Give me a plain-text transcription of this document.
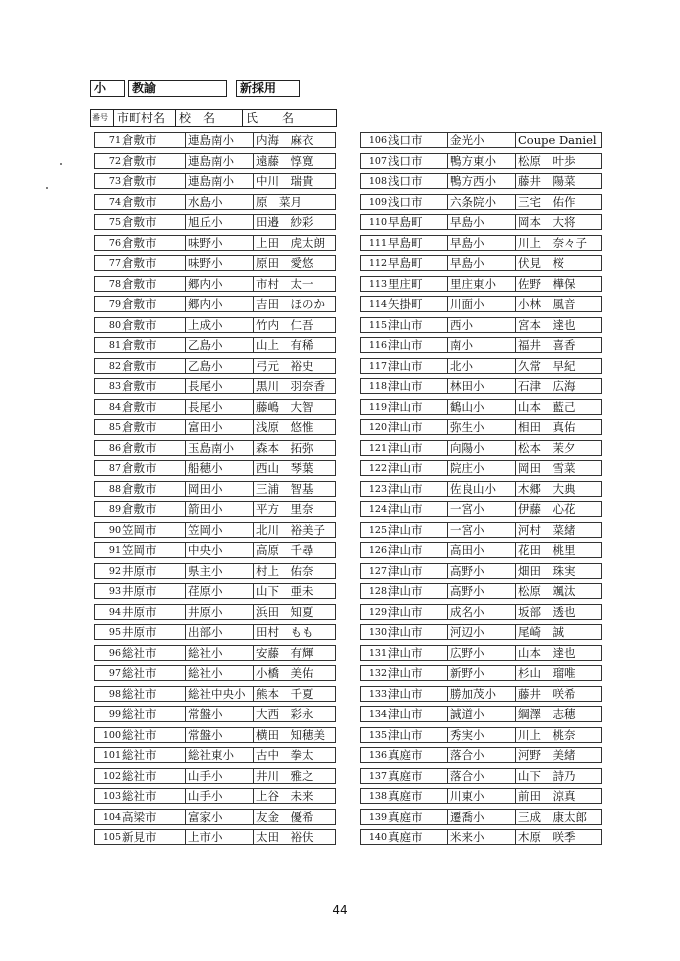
小	教諭	新採用
番号 市町村名	校　名	氏　　名
71 倉敷市	連島南小	内海　麻衣
72 倉敷市	連島南小	遠藤　惇寛
73 倉敷市	連島南小	中川　瑞貴
74 倉敷市	水島小	原　菜月
75 倉敷市	旭丘小	田邉　紗彩
76 倉敷市	味野小	上田　虎太朗
77 倉敷市	味野小	原田　愛悠
78 倉敷市	郷内小	市村　太一
79 倉敷市	郷内小	吉田　ほのか
80 倉敷市	上成小	竹内　仁吾
81 倉敷市	乙島小	山上　有稀
82 倉敷市	乙島小	弓元　裕史
83 倉敷市	長尾小	黒川　羽奈香
84 倉敷市	長尾小	藤嶋　大智
85 倉敷市	富田小	浅原　悠惟
86 倉敷市	玉島南小	森本　拓弥
87 倉敷市	船穂小	西山　琴葉
88 倉敷市	岡田小	三浦　智基
89 倉敷市	箭田小	平方　里奈
90 笠岡市	笠岡小	北川　裕美子
91 笠岡市	中央小	高原　千尋
92 井原市	県主小	村上　佑奈
93 井原市	荏原小	山下　亜未
94 井原市	井原小	浜田　知夏
95 井原市	出部小	田村　もも
96 総社市	総社小	安藤　有輝
97 総社市	総社小	小橋　美佑
98 総社市	総社中央小 熊本　千夏
99 総社市	常盤小	大西　彩永
100 総社市	常盤小	横田　知穂美
101 総社市	総社東小	古中　拳太
102 総社市	山手小	井川　雅之
103 総社市	山手小	上谷　未来
104 高梁市	富家小	友金　優希
105 新見市	上市小	太田　裕伕
106 浅口市	金光小	Coupe Daniel
107 浅口市	鴨方東小	松原　叶歩
108 浅口市	鴨方西小	藤井　陽菜
109 浅口市	六条院小	三宅　佑作
110 早島町	早島小	岡本　大将
111 早島町	早島小	川上　奈々子
112 早島町	早島小	伏見　桜
113 里庄町	里庄東小	佐野　樺保
114 矢掛町	川面小	小林　風音
115 津山市	西小	宮本　達也
116 津山市	南小	福井　喜香
117 津山市	北小	久常　早紀
118 津山市	林田小	石津　広海
119 津山市	鶴山小	山本　藍己
120 津山市	弥生小	相田　真佑
121 津山市	向陽小	松本　茉夕
122 津山市	院庄小	岡田　雪菜
123 津山市	佐良山小	木郷　大典
124 津山市	一宮小	伊藤　心花
125 津山市	一宮小	河村　菜緒
126 津山市	高田小	花田　桃里
127 津山市	高野小	畑田　珠実
128 津山市	高野小	松原　颯汰
129 津山市	成名小	坂部　透也
130 津山市	河辺小	尾崎　誠
131 津山市	広野小	山本　達也
132 津山市	新野小	杉山　瑠唯
133 津山市	勝加茂小	藤井　咲希
134 津山市	誠道小	綱澤　志穂
135 津山市	秀実小	川上　桃奈
136 真庭市	落合小	河野　美緒
137 真庭市	落合小	山下　詩乃
138 真庭市	川東小	前田　涼真
139 真庭市	遷喬小	三成　康太郎
140 真庭市	米来小	木原　咲季
44
